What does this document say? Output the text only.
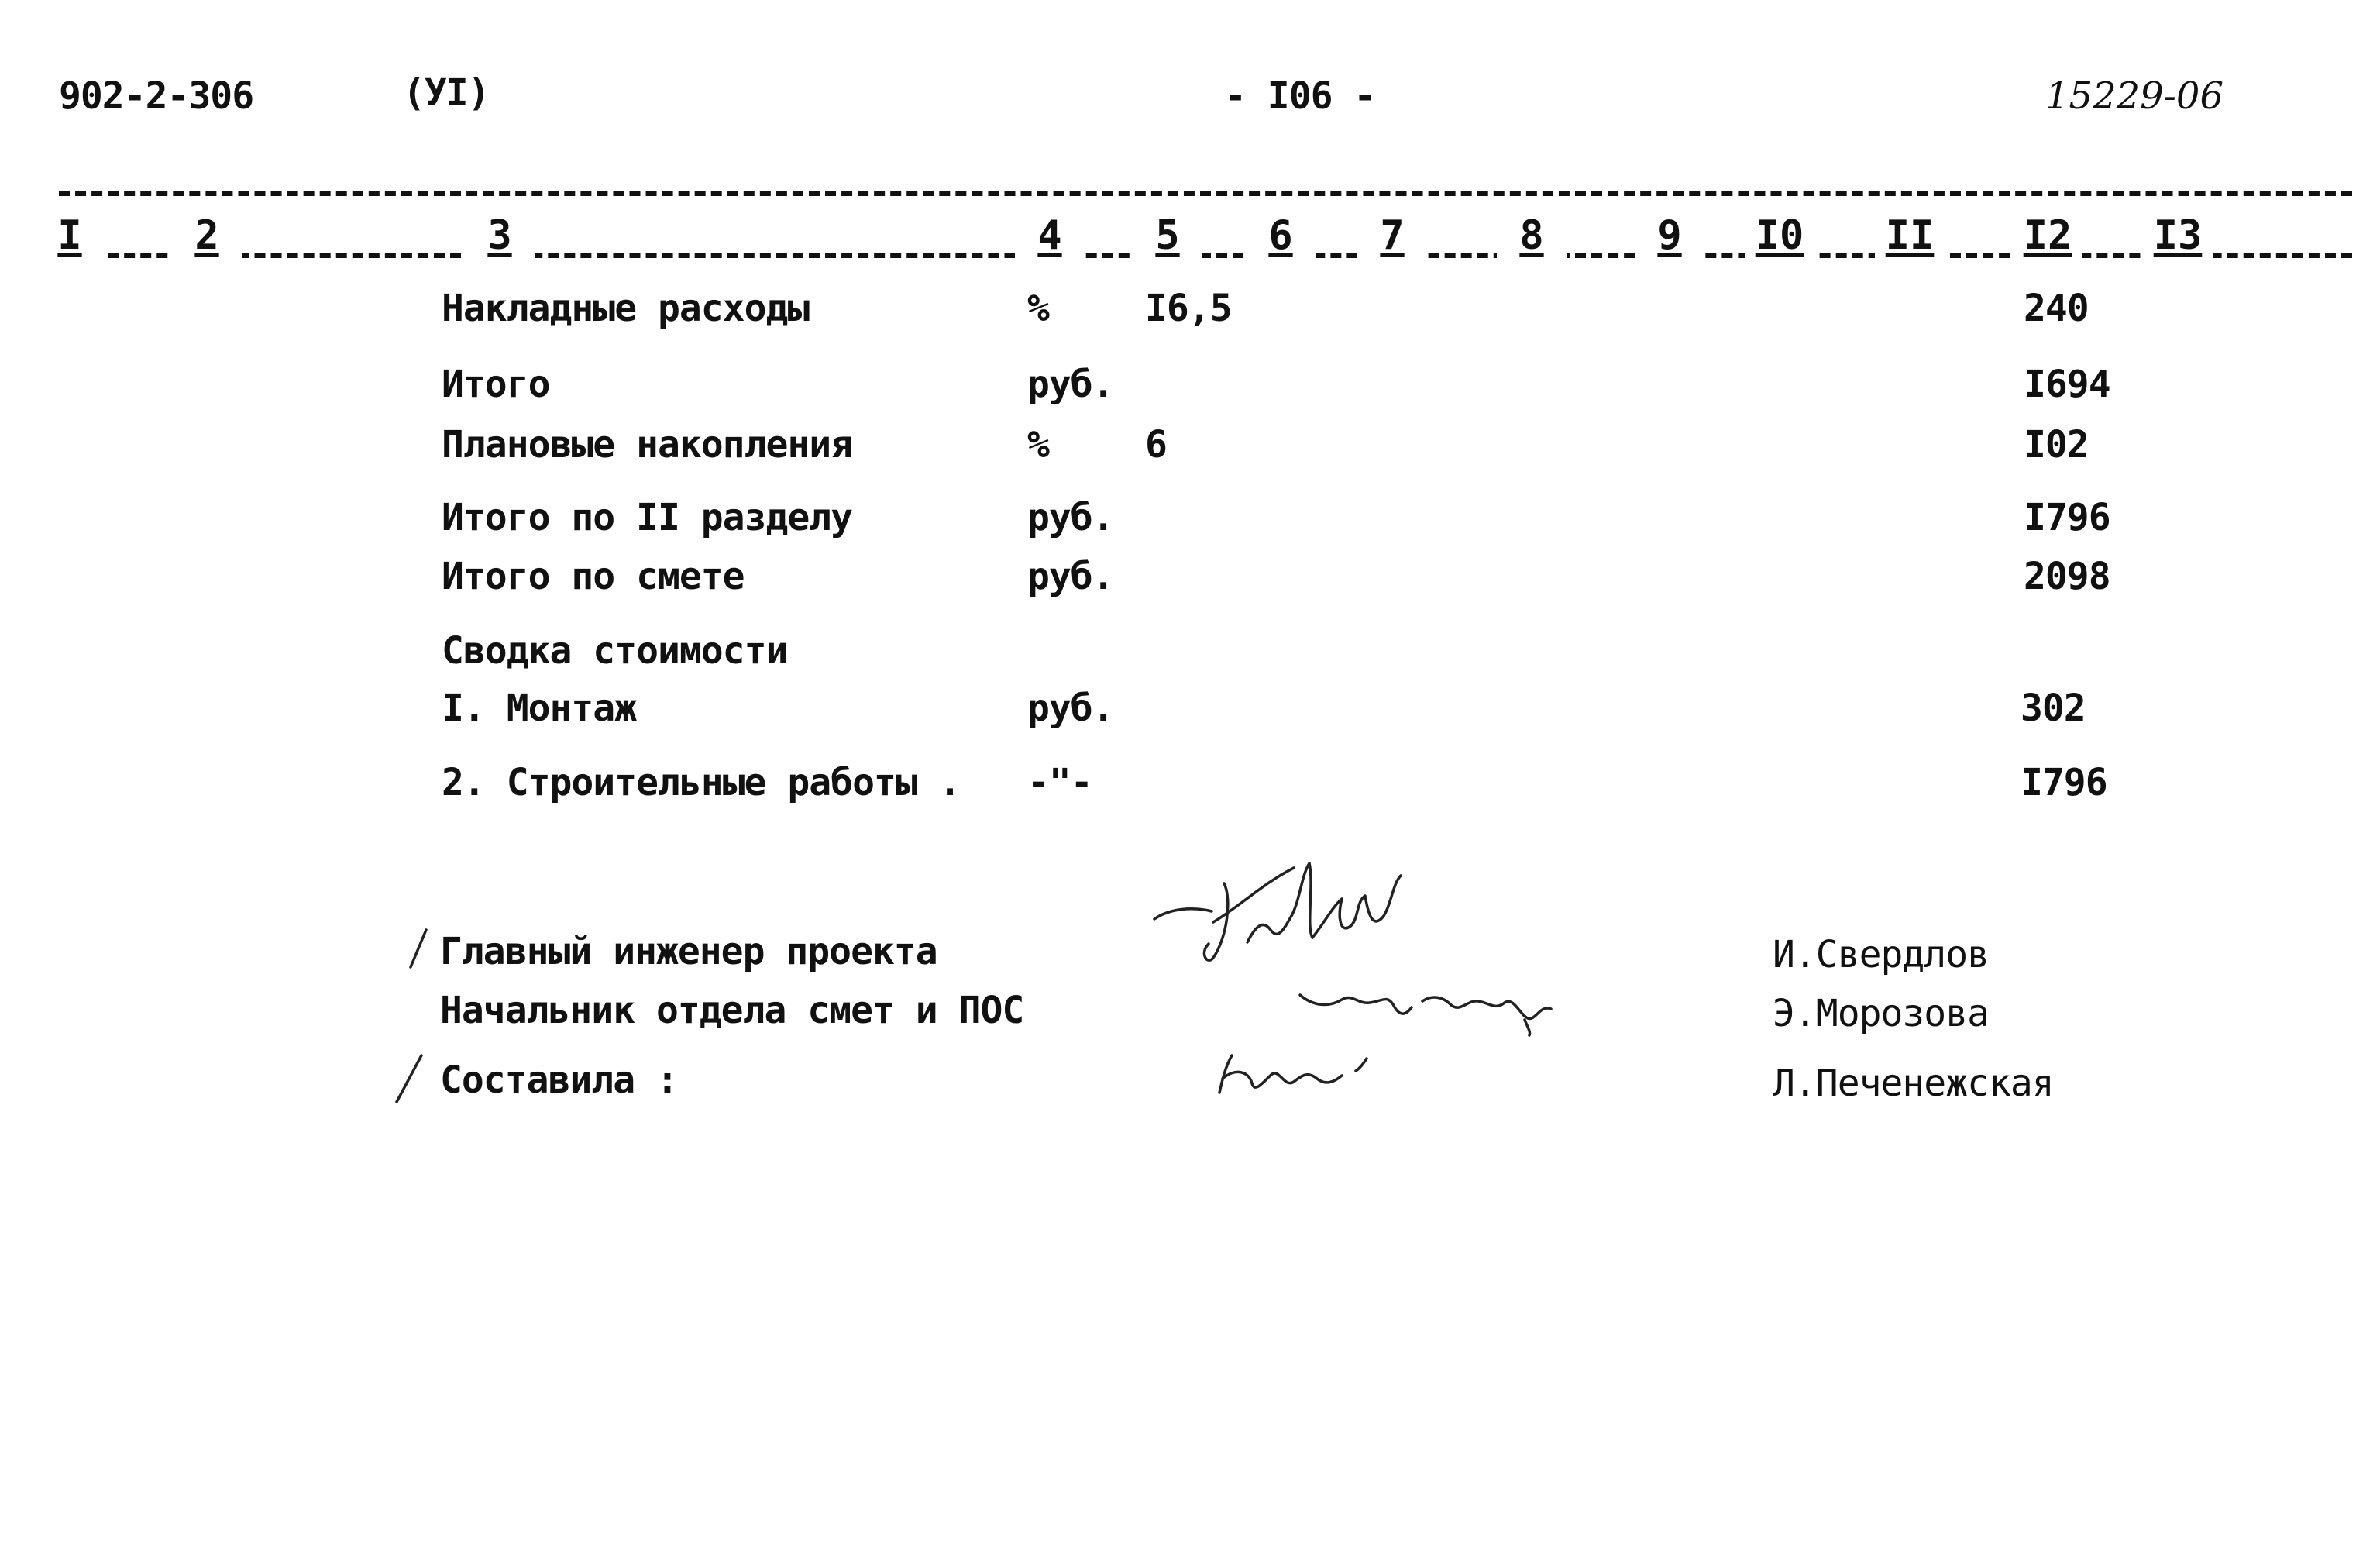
902-2-306	(УI)	- I06 -	15229-06
I	2	3	4	5	6	7	8	9	I0 II I2 I3
Накладные расходы	%	I6,5	240
Итого	руб.	I694
Плановые накопления	%	6	I02
Итого по II разделу	руб.	I796
Итого по смете	руб.	2098
Сводка стоимости
I. Монтаж	руб.	302
2. Строительные работы . -"-	I796
Главный инженер проекта
Начальник отдела смет и ПОС
Составила :
И.Свердлов
Э.Морозова
Л.Печенежская
